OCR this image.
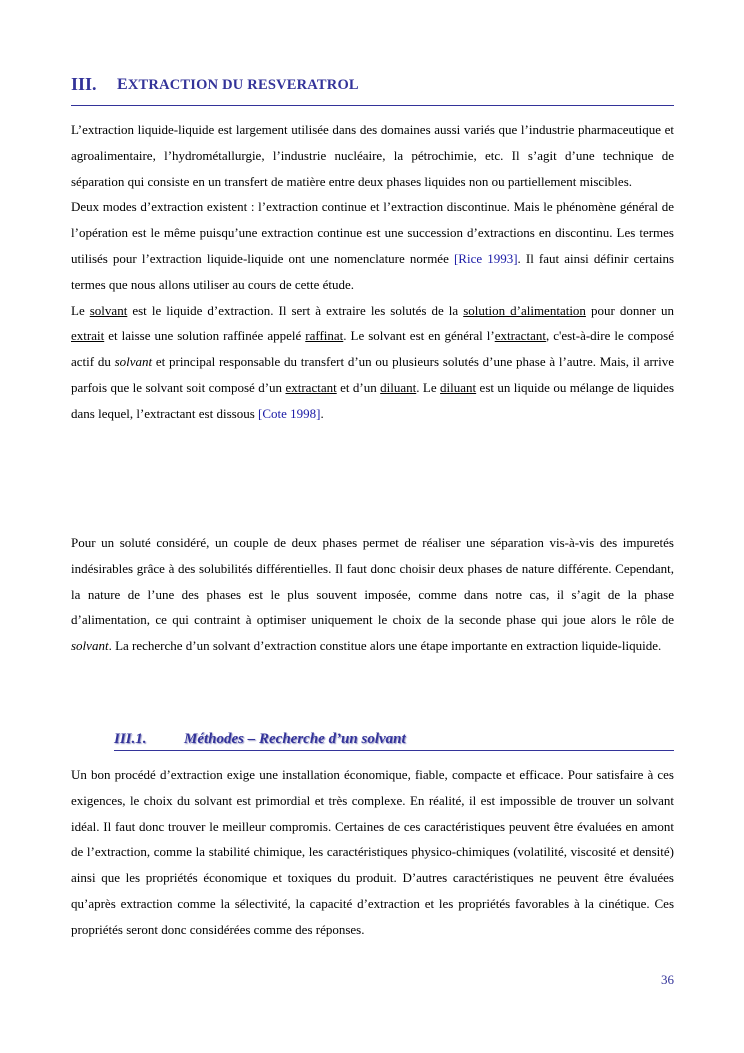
III. EXTRACTION DU RESVERATROL

L’extraction liquide-liquide est largement utilisée dans des domaines aussi variés que l’industrie pharmaceutique et agroalimentaire, l’hydrométallurgie, l’industrie nucléaire, la pétrochimie, etc. Il s’agit d’une technique de séparation qui consiste en un transfert de matière entre deux phases liquides non ou partiellement miscibles.

Deux modes d’extraction existent : l’extraction continue et l’extraction discontinue. Mais le phénomène général de l’opération est le même puisqu’une extraction continue est une succession d’extractions en discontinu. Les termes utilisés pour l’extraction liquide-liquide ont une nomenclature normée [Rice 1993]. Il faut ainsi définir certains termes que nous allons utiliser au cours de cette étude.

Le solvant est le liquide d’extraction. Il sert à extraire les solutés de la solution d’alimentation pour donner un extrait et laisse une solution raffinée appelé raffinat. Le solvant est en général l’extractant, c'est-à-dire le composé actif du solvant et principal responsable du transfert d’un ou plusieurs solutés d’une phase à l’autre. Mais, il arrive parfois que le solvant soit composé d’un extractant et d’un diluant. Le diluant est un liquide ou mélange de liquides dans lequel, l’extractant est dissous [Cote 1998].

Pour un soluté considéré, un couple de deux phases permet de réaliser une séparation vis-à-vis des impuretés indésirables grâce à des solubilités différentielles. Il faut donc choisir deux phases de nature différente. Cependant, la nature de l’une des phases est le plus souvent imposée, comme dans notre cas, il s’agit de la phase d’alimentation, ce qui contraint à optimiser uniquement le choix de la seconde phase qui joue alors le rôle de solvant. La recherche d’un solvant d’extraction constitue alors une étape importante en extraction liquide-liquide.

III.1. Méthodes – Recherche d’un solvant

Un bon procédé d’extraction exige une installation économique, fiable, compacte et efficace. Pour satisfaire à ces exigences, le choix du solvant est primordial et très complexe. En réalité, il est impossible de trouver un solvant idéal. Il faut donc trouver le meilleur compromis. Certaines de ces caractéristiques peuvent être évaluées en amont de l’extraction, comme la stabilité chimique, les caractéristiques physico-chimiques (volatilité, viscosité et densité) ainsi que les propriétés économique et toxiques du produit. D’autres caractéristiques ne peuvent être évaluées qu’après extraction comme la sélectivité, la capacité d’extraction et les propriétés favorables à la cinétique. Ces propriétés seront donc considérées comme des réponses.

36
